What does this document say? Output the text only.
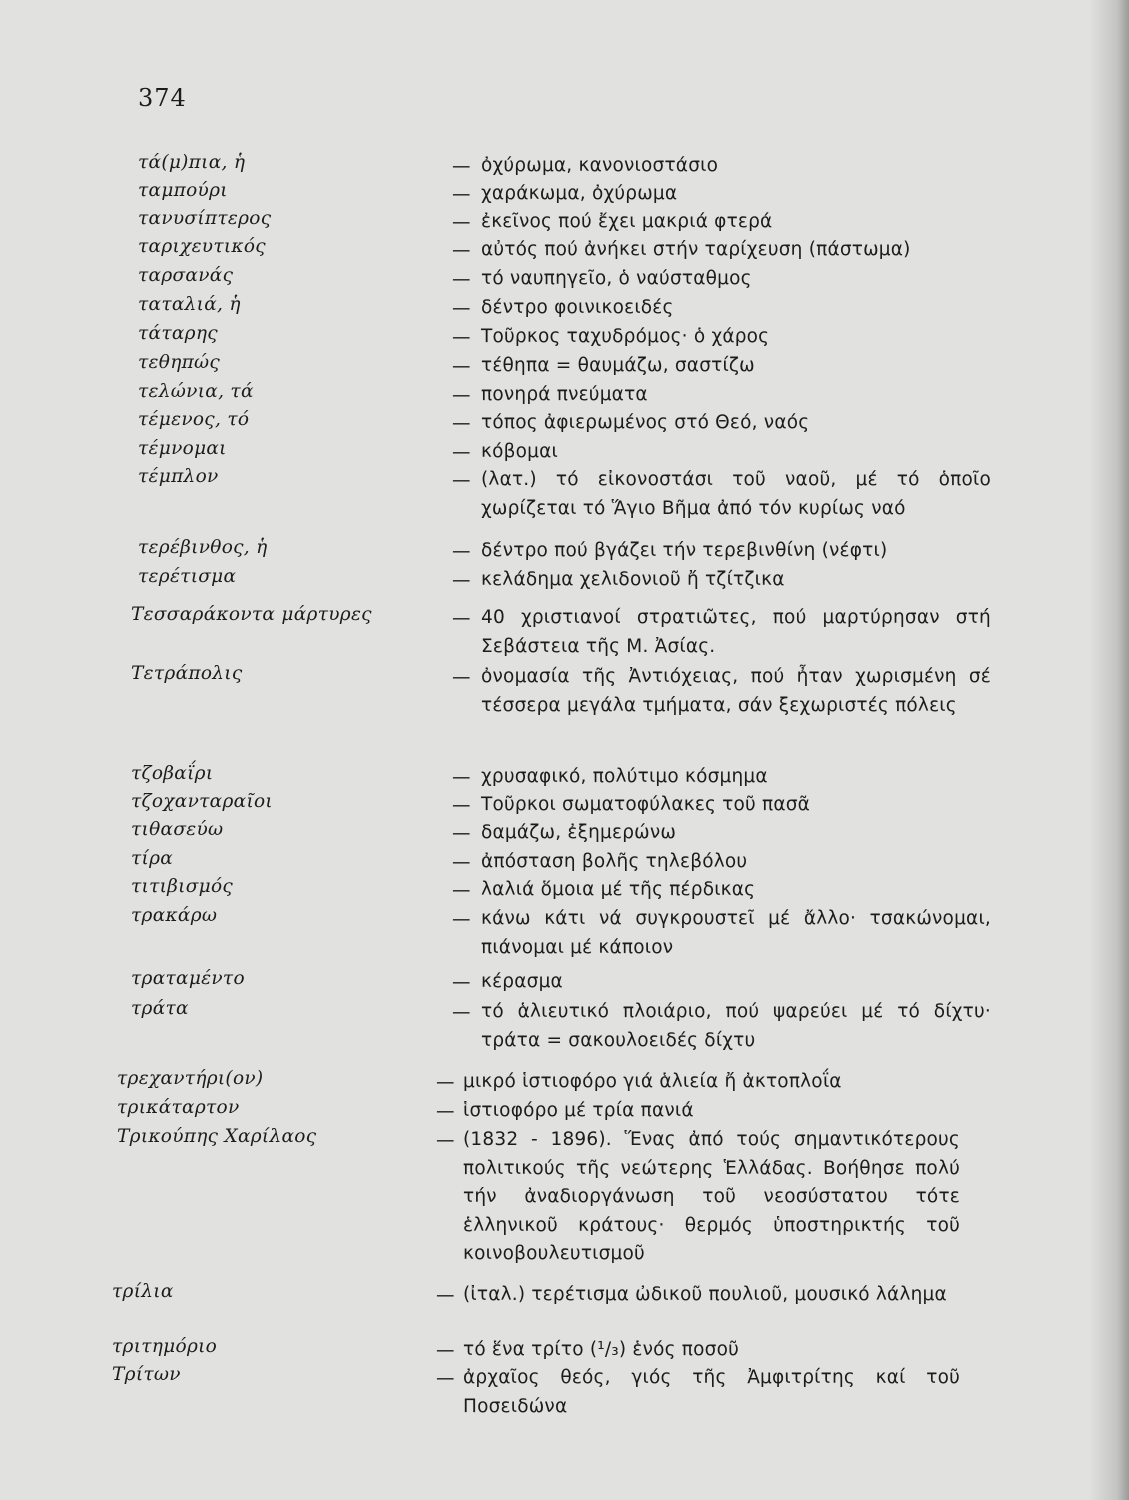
374
τά(μ)πια, ἡ	— ὀχύρωμα, κανονιοστάσιο
ταμπούρι	— χαράκωμα, ὀχύρωμα
τανυσίπτερος	— ἐκεῖνος πού ἔχει μακριά φτερά
ταριχευτικός	— αὐτός πού ἀνήκει στήν ταρίχευση (πάστωμα)
ταρσανάς	— τό ναυπηγεῖο, ὁ ναύσταθμος
ταταλιά, ἡ	— δέντρο φοινικοειδές
τάταρης	— Τοῦρκος ταχυδρόμος· ὁ χάρος
τεθηπώς	— τέθηπα = θαυμάζω, σαστίζω
τελώνια, τά	— πονηρά πνεύματα
τέμενος, τό	— τόπος ἀφιερωμένος στό Θεό, ναός
τέμνομαι	— κόβομαι
τέμπλον	— (λατ.) τό εἰκονοστάσι τοῦ ναοῦ, μέ τό ὁποῖο χωρίζεται τό Ἅγιο Βῆμα ἀπό τόν κυρίως ναό
τερέβινθος, ἡ	— δέντρο πού βγάζει τήν τερεβινθίνη (νέφτι)
τερέτισμα	— κελάδημα χελιδονιοῦ ἤ τζίτζικα
Τεσσαράκοντα μάρτυρες	— 40 χριστιανοί στρατιῶτες, πού μαρτύρησαν στή Σεβάστεια τῆς Μ. Ἀσίας.
Τετράπολις	— ὀνομασία τῆς Ἀντιόχειας, πού ἦταν χωρισμένη σέ τέσσερα μεγάλα τμήματα, σάν ξεχωριστές πόλεις
τζοβαΐρι	— χρυσαφικό, πολύτιμο κόσμημα
τζοχανταραῖοι	— Τοῦρκοι σωματοφύλακες τοῦ πασᾶ
τιθασεύω	— δαμάζω, ἐξημερώνω
τίρα	— ἀπόσταση βολῆς τηλεβόλου
τιτιβισμός	— λαλιά ὅμοια μέ τῆς πέρδικας
τρακάρω	— κάνω κάτι νά συγκρουστεῖ μέ ἄλλο· τσακώνομαι, πιάνομαι μέ κάποιον
τραταμέντο	— κέρασμα
τράτα	— τό ἁλιευτικό πλοιάριο, πού ψαρεύει μέ τό δίχτυ· τράτα = σακουλοειδές δίχτυ
τρεχαντήρι(ον)	— μικρό ἱστιοφόρο γιά ἁλιεία ἤ ἀκτοπλοΐα
τρικάταρτον	— ἱστιοφόρο μέ τρία πανιά
Τρικούπης Χαρίλαος	— (1832 - 1896). Ἕνας ἀπό τούς σημαντικότερους πολιτικούς τῆς νεώτερης Ἑλλάδας. Βοήθησε πολύ τήν ἀναδιοργάνωση τοῦ νεοσύστατου τότε ἑλληνικοῦ κράτους· θερμός ὑποστηρικτής τοῦ κοινοβουλευτισμοῦ
τρίλια	— (ἰταλ.) τερέτισμα ὠδικοῦ πουλιοῦ, μουσικό λάλημα
τριτημόριο	— τό ἕνα τρίτο (¹/₃) ἑνός ποσοῦ
Τρίτων	— ἀρχαῖος θεός, γιός τῆς Ἀμφιτρίτης καί τοῦ Ποσειδώνα
